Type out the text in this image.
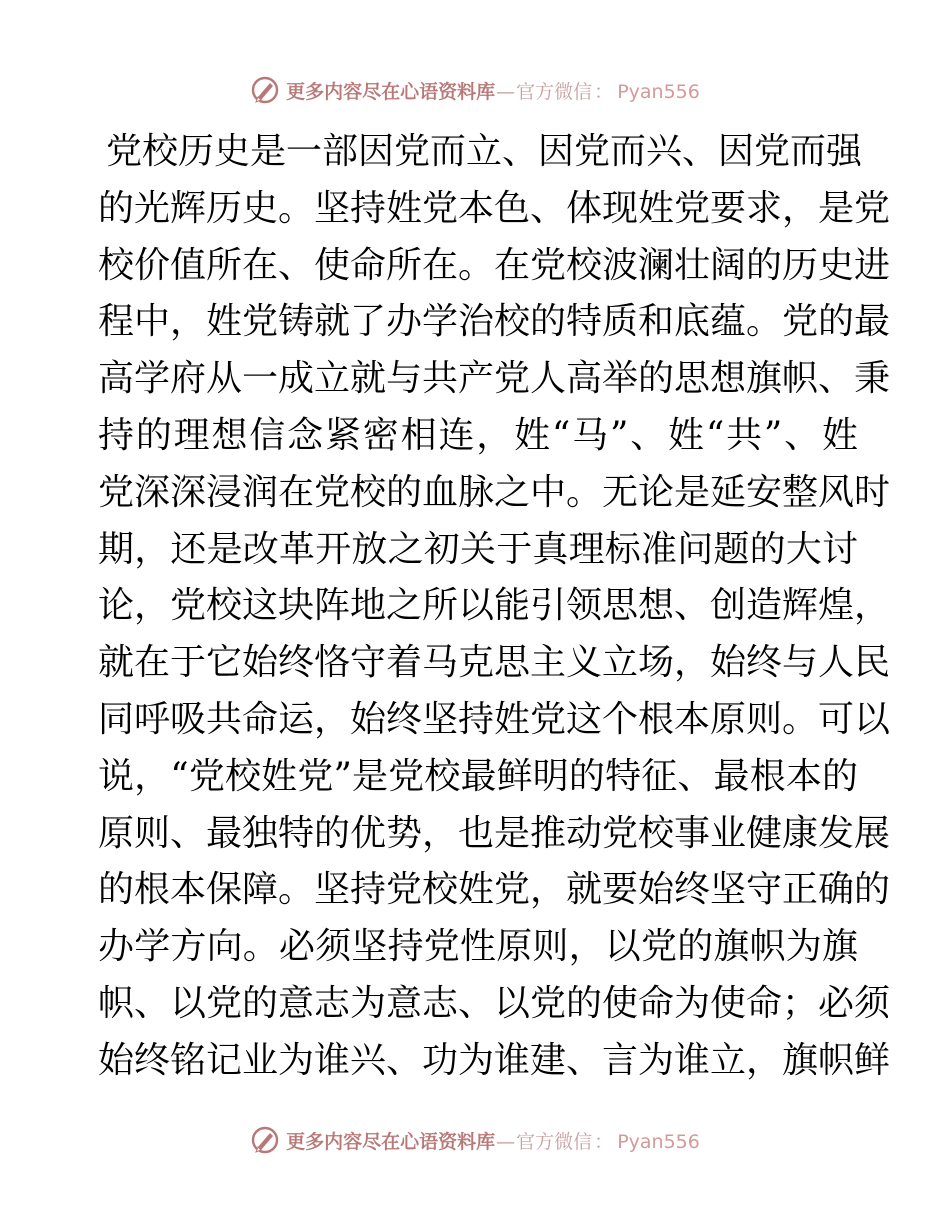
更多内容尽在心语资料库 — 官方微信 ： Pyan556
党校历史是一部因党而立、因党而兴、因党而强
的光辉历史。坚持姓党本色、体现姓党要求，是党
校价值所在、使命所在。在党校波澜壮阔的历史进
程中，姓党铸就了办学治校的特质和底蕴。党的最
高学府从一成立就与共产党人高举的思想旗帜、秉
持的理想信念紧密相连，姓“马”、姓“共”、姓
党深深浸润在党校的血脉之中。无论是延安整风时
期，还是改革开放之初关于真理标准问题的大讨
论，党校这块阵地之所以能引领思想、创造辉煌，
就在于它始终恪守着马克思主义立场，始终与人民
同呼吸共命运，始终坚持姓党这个根本原则。可以
说，“党校姓党”是党校最鲜明的特征、最根本的
原则、最独特的优势，也是推动党校事业健康发展
的根本保障。坚持党校姓党，就要始终坚守正确的
办学方向。必须坚持党性原则，以党的旗帜为旗
帜、以党的意志为意志、以党的使命为使命；必须
始终铭记业为谁兴、功为谁建、言为谁立，旗帜鲜
更多内容尽在心语资料库 — 官方微信 ： Pyan556
